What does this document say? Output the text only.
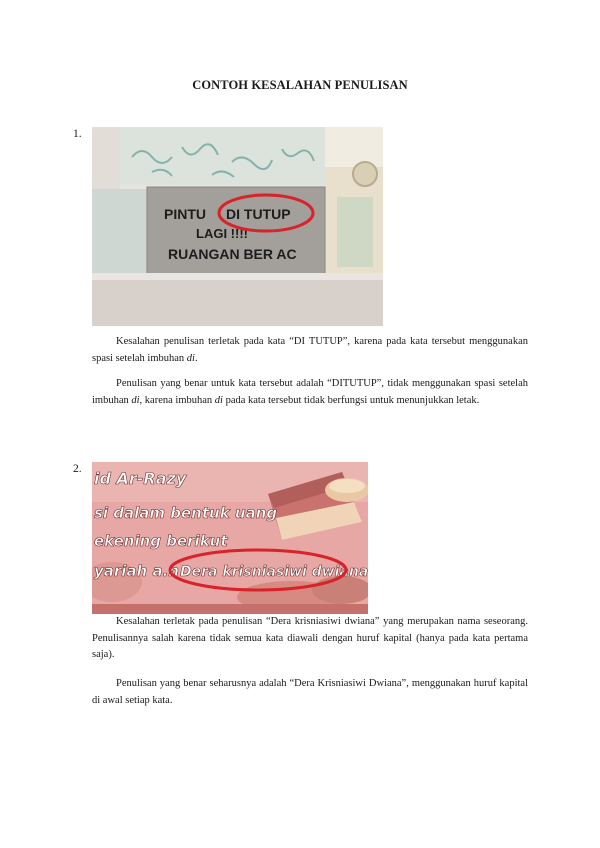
CONTOH KESALAHAN PENULISAN
1.
PINTU DI TUTUP
LAGI !!!!
RUANGAN BER AC

Kesalahan penulisan terletak pada kata “DI TUTUP”, karena pada kata tersebut menggunakan spasi setelah imbuhan di.

Penulisan yang benar untuk kata tersebut adalah “DITUTUP”, tidak menggunakan spasi setelah imbuhan di, karena imbuhan di pada kata tersebut tidak berfungsi untuk menunjukkan letak.

2. id Ar-Razy
si dalam bentuk uang
ekening berikut
yariah a.n Dera krisniasiwi dwiana

Kesalahan terletak pada penulisan “Dera krisniasiwi dwiana” yang merupakan nama seseorang. Penulisannya salah karena tidak semua kata diawali dengan huruf kapital (hanya pada kata pertama saja).

Penulisan yang benar seharusnya adalah “Dera Krisniasiwi Dwiana”, menggunakan huruf kapital di awal setiap kata.
